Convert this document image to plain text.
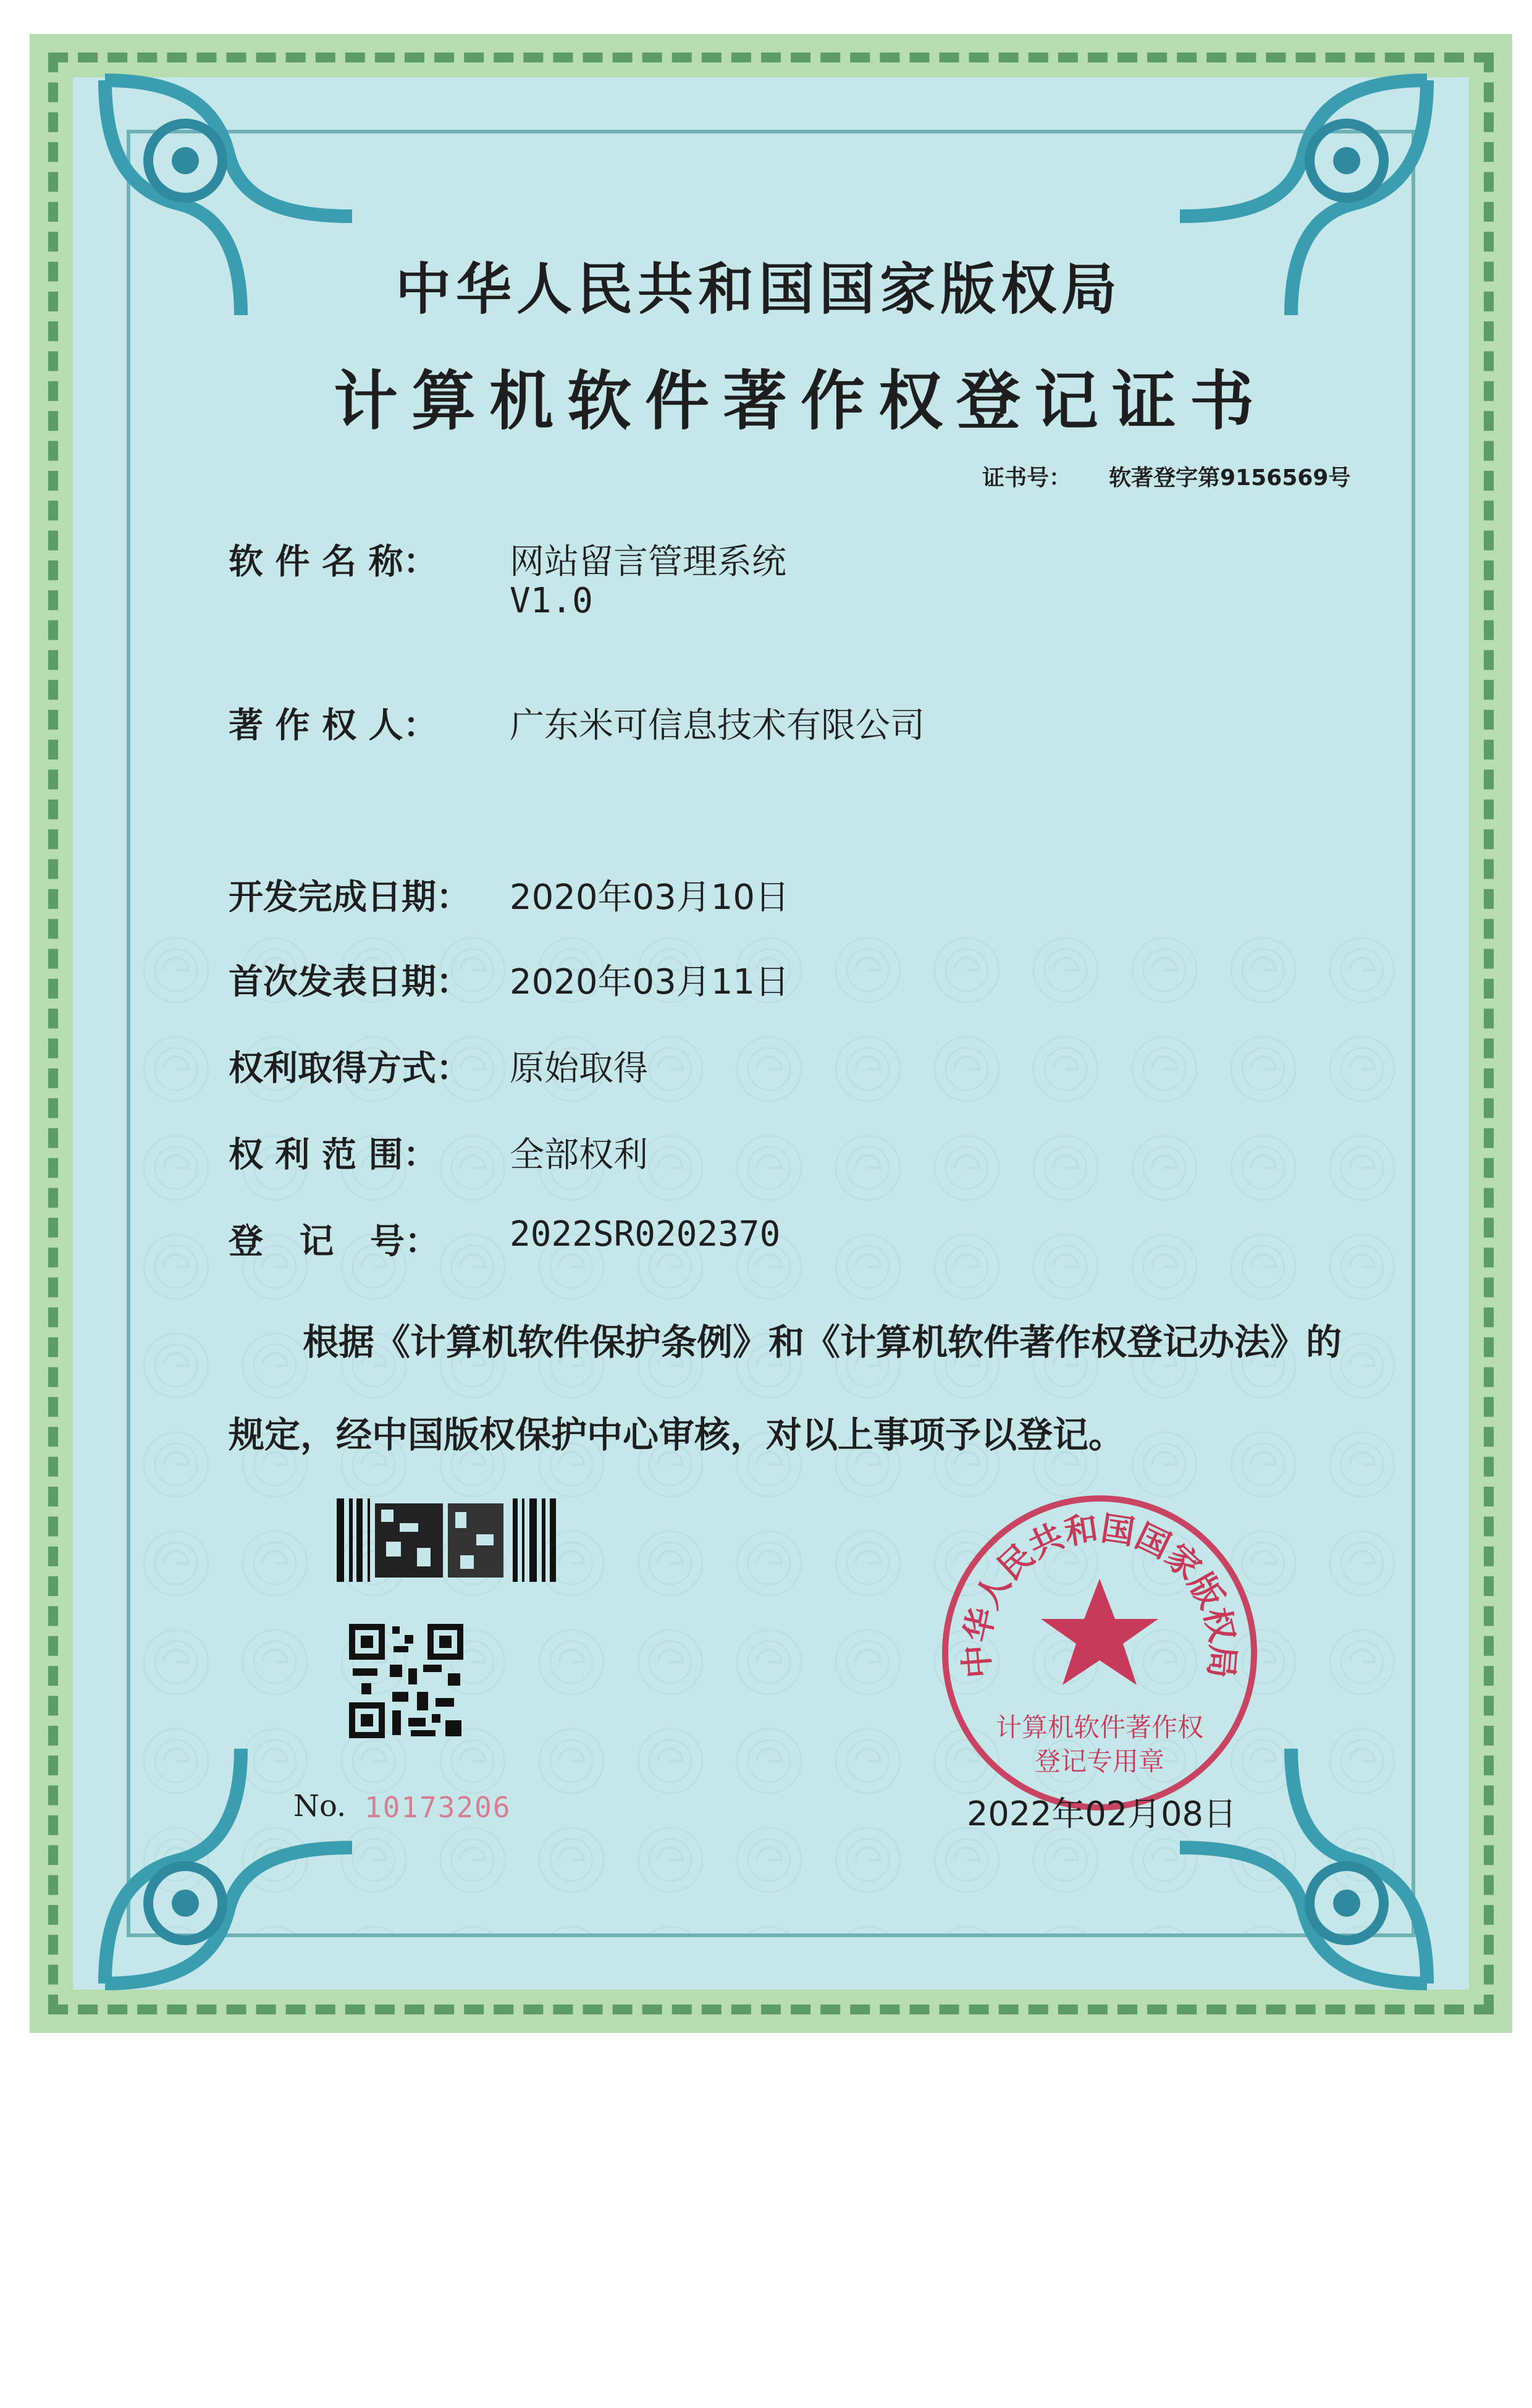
中华人民共和国国家版权局
计算机软件著作权登记证书
证书号： 软著登字第9156569号
软 件 名 称： 网站留言管理系统
V1.0
著 作 权 人： 广东米可信息技术有限公司
开发完成日期： 2020年03月10日
首次发表日期： 2020年03月11日
权利取得方式： 原始取得
权 利 范 围： 全部权利
登   记   号： 2022SR0202370
根据《计算机软件保护条例》和《计算机软件著作权登记办法》的
规定，经中国版权保护中心审核，对以上事项予以登记。
No. 10173206
中华人民共和国国家版权局
计算机软件著作权
登记专用章
2022年02月08日
